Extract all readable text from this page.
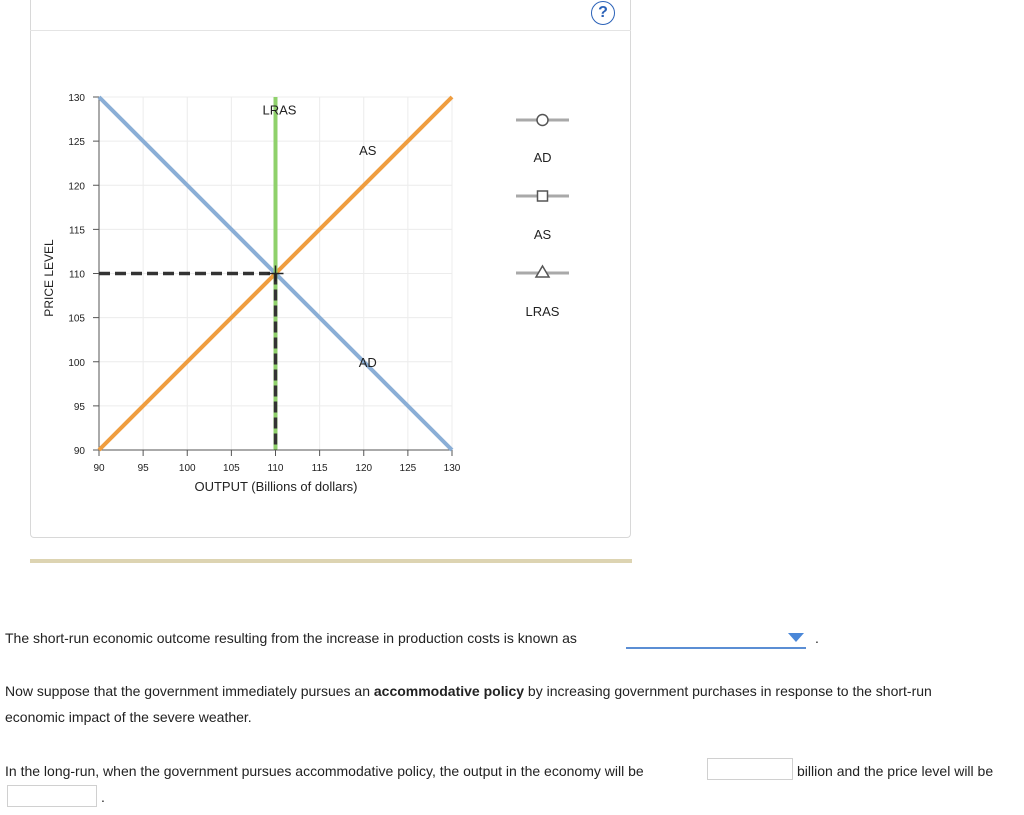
?
90
95
100
105
110
115
120
125
130
90	95	100	105	110	115	120	125	130
AD
AS
LRAS
PRICE LEVEL
OUTPUT (Billions of dollars)
AD
AS
LRAS
The short-run economic outcome resulting from the increase in production costs is known as	.
Now suppose that the government immediately pursues an accommodative policy by increasing government purchases in response to the short-run
economic impact of the severe weather.
In the long-run, when the government pursues accommodative policy, the output in the economy will be	billion and the price level will be
.
